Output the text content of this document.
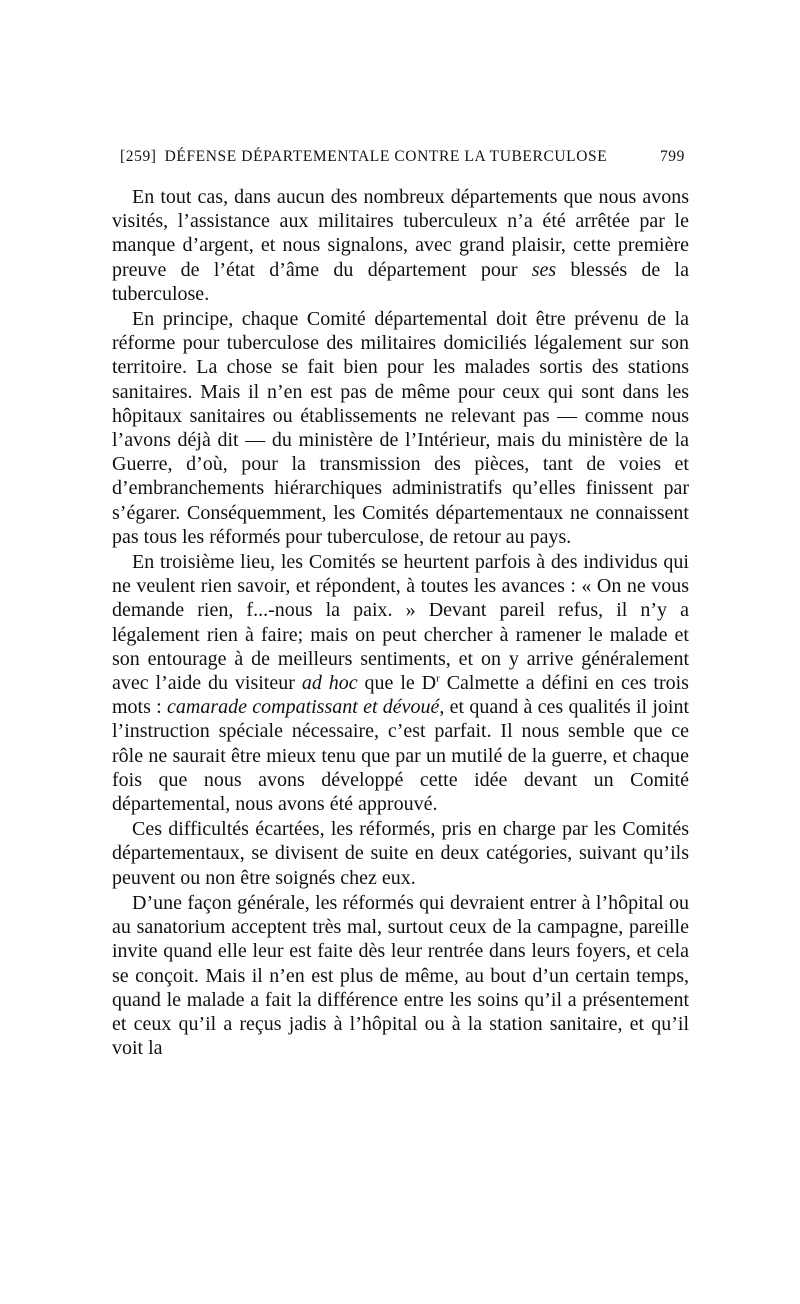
[259] DÉFENSE DÉPARTEMENTALE CONTRE LA TUBERCULOSE	799

En tout cas, dans aucun des nombreux départements que nous avons visités, l’assistance aux militaires tuberculeux n’a été arrêtée par le manque d’argent, et nous signalons, avec grand plaisir, cette première preuve de l’état d’âme du département pour ses blessés de la tuberculose.

En principe, chaque Comité départemental doit être prévenu de la réforme pour tuberculose des militaires domiciliés légalement sur son territoire. La chose se fait bien pour les malades sortis des stations sanitaires. Mais il n’en est pas de même pour ceux qui sont dans les hôpitaux sanitaires ou établissements ne relevant pas — comme nous l’avons déjà dit — du ministère de l’Intérieur, mais du ministère de la Guerre, d’où, pour la transmission des pièces, tant de voies et d’embranchements hiérarchiques administratifs qu’elles finissent par s’égarer. Conséquemment, les Comités départementaux ne connaissent pas tous les réformés pour tuberculose, de retour au pays.

En troisième lieu, les Comités se heurtent parfois à des individus qui ne veulent rien savoir, et répondent, à toutes les avances : « On ne vous demande rien, f...-nous la paix. » Devant pareil refus, il n’y a légalement rien à faire; mais on peut chercher à ramener le malade et son entourage à de meilleurs sentiments, et on y arrive généralement avec l’aide du visiteur ad hoc que le $D^r$ Calmette a défini en ces trois mots : camarade compatissant et dévoué, et quand à ces qualités il joint l’instruction spéciale nécessaire, c’est parfait. Il nous semble que ce rôle ne saurait être mieux tenu que par un mutilé de la guerre, et chaque fois que nous avons développé cette idée devant un Comité départemental, nous avons été approuvé.

Ces difficultés écartées, les réformés, pris en charge par les Comités départementaux, se divisent de suite en deux catégories, suivant qu’ils peuvent ou non être soignés chez eux.

D’une façon générale, les réformés qui devraient entrer à l’hôpital ou au sanatorium acceptent très mal, surtout ceux de la campagne, pareille invite quand elle leur est faite dès leur rentrée dans leurs foyers, et cela se conçoit. Mais il n’en est plus de même, au bout d’un certain temps, quand le malade a fait la différence entre les soins qu’il a présentement et ceux qu’il a reçus jadis à l’hôpital ou à la station sanitaire, et qu’il voit la
